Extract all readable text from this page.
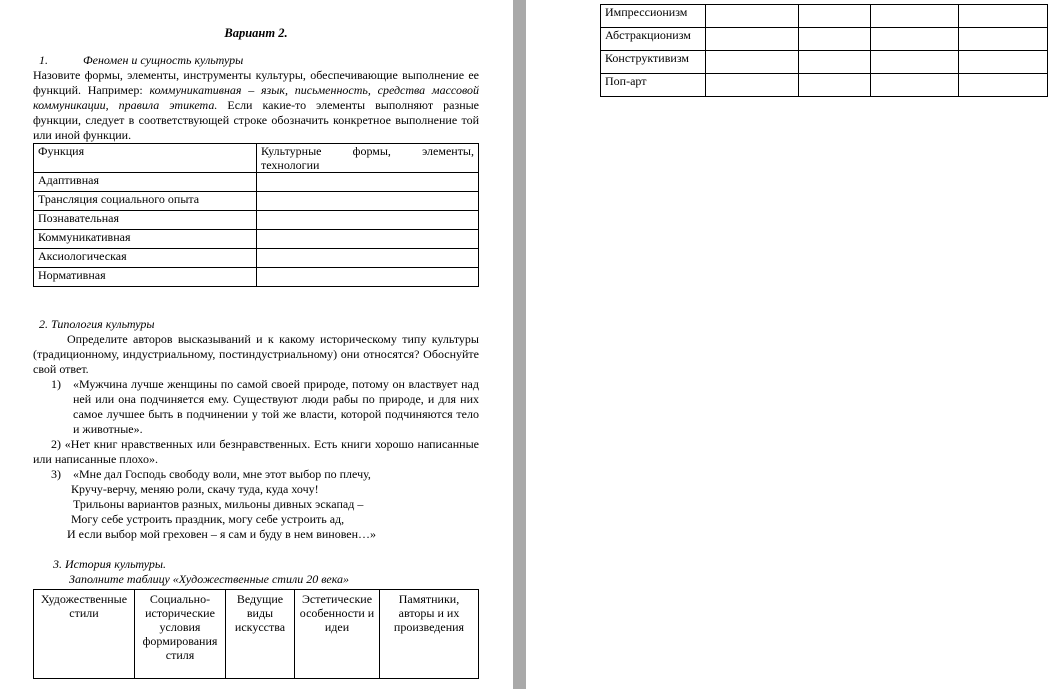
Вариант 2.

1.	Феномен и сущность культуры

Назовите формы, элементы, инструменты культуры, обеспечивающие выполнение ее функций. Например: коммуникативная – язык, письменность, средства массовой коммуникации, правила этикета. Если какие-то элементы выполняют разные функции, следует в соответствующей строке обозначить конкретное выполнение той или иной функции.

Функция	Культурные формы, элементы, технологии
Адаптивная	
Трансляция социального опыта	
Познавательная	
Коммуникативная	
Аксиологическая	
Нормативная	

2. Типология культуры

Определите авторов высказываний и к какому историческому типу культуры (традиционному, индустриальному, постиндустриальному) они относятся? Обоснуйте свой ответ.

1) «Мужчина лучше женщины по самой своей природе, потому он властвует над ней или она подчиняется ему. Существуют люди рабы по природе, и для них самое лучшее быть в подчинении у той же власти, которой подчиняются тело и животные».

2) «Нет книг нравственных или безнравственных. Есть книги хорошо написанные или написанные плохо».

3) «Мне дал Господь свободу воли, мне этот выбор по плечу,
Кручу-верчу, меняю роли, скачу туда, куда хочу!
Трильоны вариантов разных, мильоны дивных эскапад –
Могу себе устроить праздник, могу себе устроить ад,
И если выбор мой греховен – я сам и буду в нем виновен…»

3. История культуры.

Заполните таблицу «Художественные стили 20 века»

Художественные стили	Социально-исторические условия формирования стиля	Ведущие виды искусства	Эстетические особенности и идеи	Памятники, авторы и их произведения
Импрессионизм				
Абстракционизм				
Конструктивизм				
Поп-арт				
